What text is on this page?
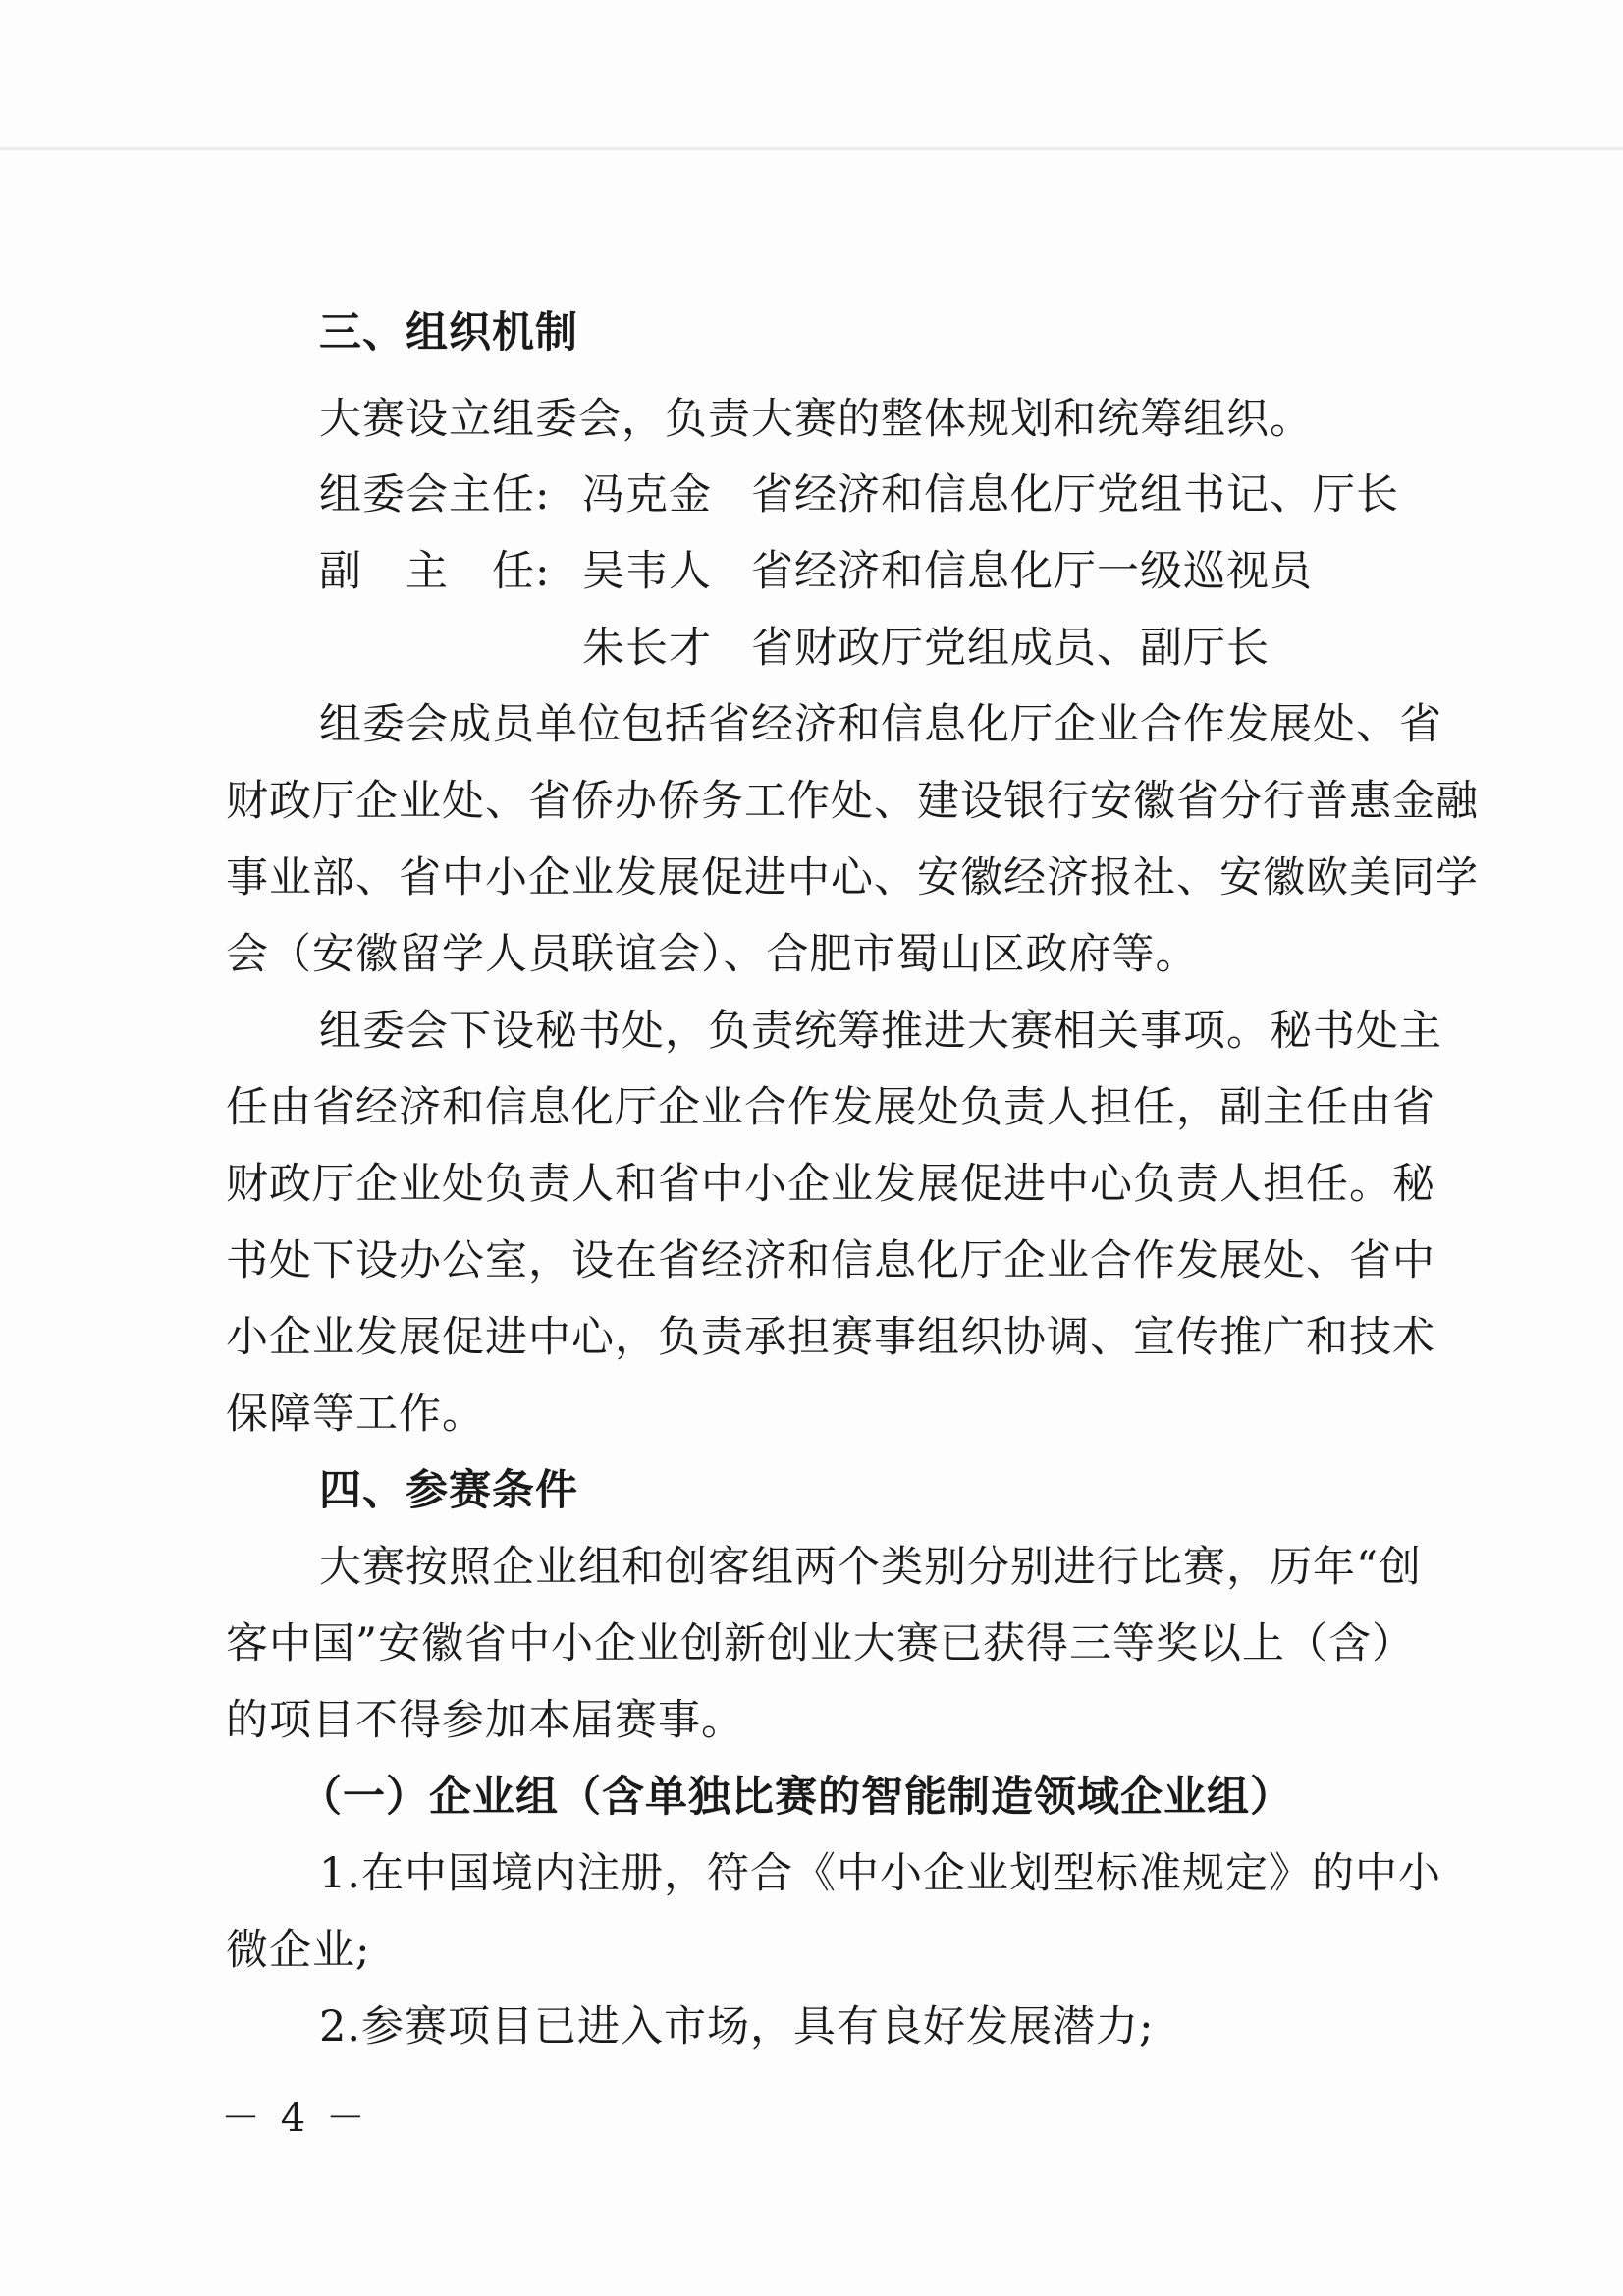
三、组织机制
大赛设立组委会，负责大赛的整体规划和统筹组织。
组委会主任: 冯克金 省经济和信息化厅党组书记、厅长
副　主　任: 吴韦人 省经济和信息化厅一级巡视员
朱长才 省财政厅党组成员、副厅长
组委会成员单位包括省经济和信息化厅企业合作发展处、省
财政厅企业处、省侨办侨务工作处、建设银行安徽省分行普惠金融
事业部、省中小企业发展促进中心、安徽经济报社、安徽欧美同学
会（安徽留学人员联谊会）、合肥市蜀山区政府等。
组委会下设秘书处，负责统筹推进大赛相关事项。秘书处主
任由省经济和信息化厅企业合作发展处负责人担任，副主任由省
财政厅企业处负责人和省中小企业发展促进中心负责人担任。秘
书处下设办公室，设在省经济和信息化厅企业合作发展处、省中
小企业发展促进中心，负责承担赛事组织协调、宣传推广和技术
保障等工作。
四、参赛条件
大赛按照企业组和创客组两个类别分别进行比赛，历年“创
客中国”安徽省中小企业创新创业大赛已获得三等奖以上（含）
的项目不得参加本届赛事。
（一）企业组（含单独比赛的智能制造领域企业组）
1.在中国境内注册，符合《中小企业划型标准规定》的中小
微企业;
2.参赛项目已进入市场，具有良好发展潜力;
－ 4 －
